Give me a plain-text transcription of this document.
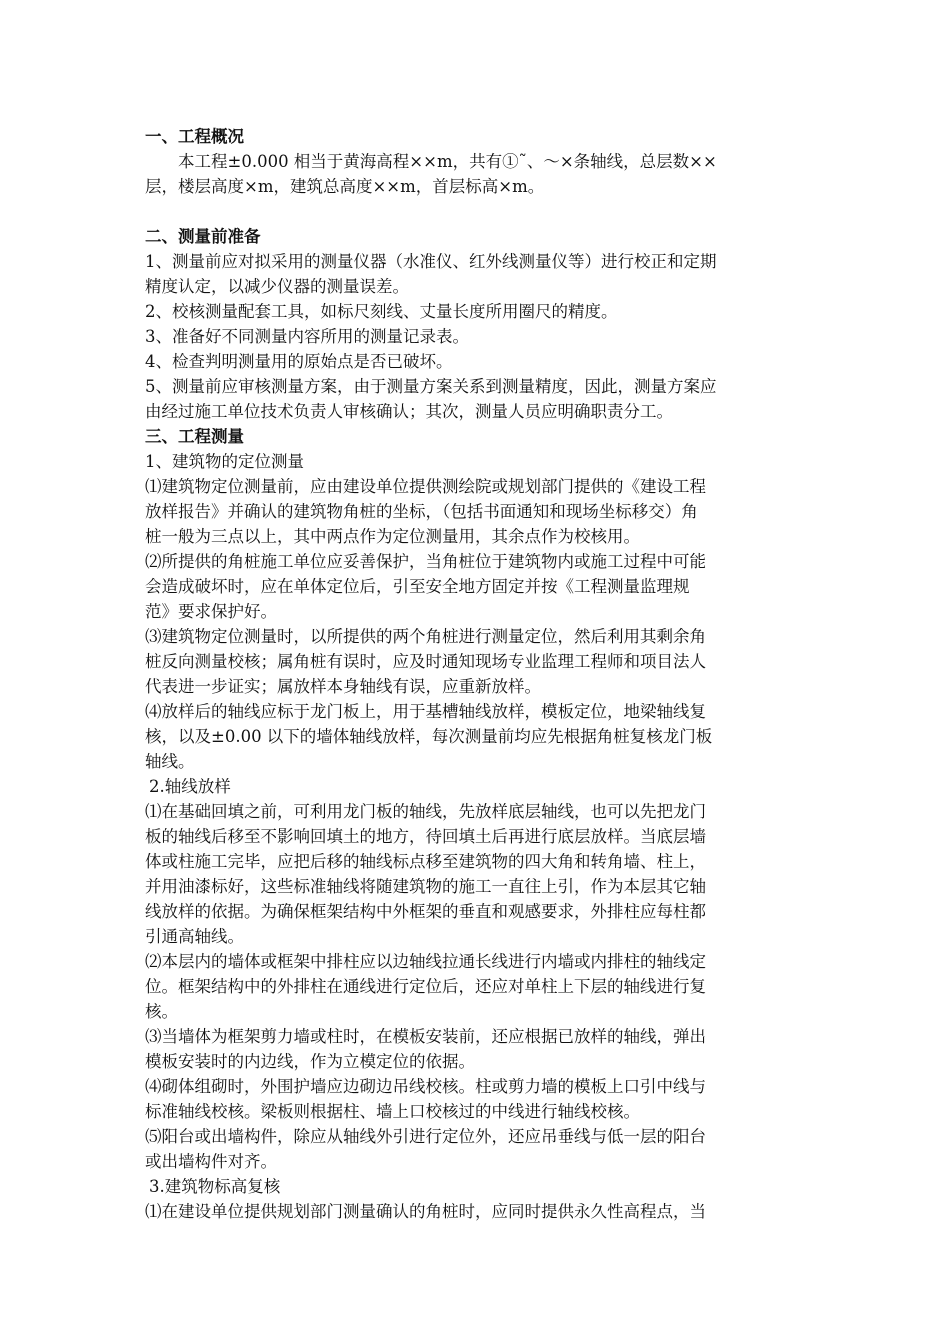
一、工程概况
本工程±0.000 相当于黄海高程××m，共有①˜、～×条轴线，总层数××
层，楼层高度×m，建筑总高度××m，首层标高×m。
二、测量前准备
1、测量前应对拟采用的测量仪器（水准仪、红外线测量仪等）进行校正和定期
精度认定，以减少仪器的测量误差。
2、校核测量配套工具，如标尺刻线、丈量长度所用圈尺的精度。
3、准备好不同测量内容所用的测量记录表。
4、检查判明测量用的原始点是否已破坏。
5、测量前应审核测量方案，由于测量方案关系到测量精度，因此，测量方案应
由经过施工单位技术负责人审核确认；其次，测量人员应明确职责分工。
三、工程测量
1、建筑物的定位测量
⑴建筑物定位测量前，应由建设单位提供测绘院或规划部门提供的《建设工程
放样报告》并确认的建筑物角桩的坐标，（包括书面通知和现场坐标移交）角
桩一般为三点以上，其中两点作为定位测量用，其余点作为校核用。
⑵所提供的角桩施工单位应妥善保护，当角桩位于建筑物内或施工过程中可能
会造成破坏时，应在单体定位后，引至安全地方固定并按《工程测量监理规
范》要求保护好。
⑶建筑物定位测量时，以所提供的两个角桩进行测量定位，然后利用其剩余角
桩反向测量校核；属角桩有误时，应及时通知现场专业监理工程师和项目法人
代表进一步证实；属放样本身轴线有误，应重新放样。
⑷放样后的轴线应标于龙门板上，用于基槽轴线放样，模板定位，地梁轴线复
核，以及±0.00 以下的墙体轴线放样，每次测量前均应先根据角桩复核龙门板
轴线。
2.轴线放样
⑴在基础回填之前，可利用龙门板的轴线，先放样底层轴线，也可以先把龙门
板的轴线后移至不影响回填土的地方，待回填土后再进行底层放样。当底层墙
体或柱施工完毕，应把后移的轴线标点移至建筑物的四大角和转角墙、柱上，
并用油漆标好，这些标准轴线将随建筑物的施工一直往上引，作为本层其它轴
线放样的依据。为确保框架结构中外框架的垂直和观感要求，外排柱应每柱都
引通高轴线。
⑵本层内的墙体或框架中排柱应以边轴线拉通长线进行内墙或内排柱的轴线定
位。框架结构中的外排柱在通线进行定位后，还应对单柱上下层的轴线进行复
核。
⑶当墙体为框架剪力墙或柱时，在模板安装前，还应根据已放样的轴线，弹出
模板安装时的内边线，作为立模定位的依据。
⑷砌体组砌时，外围护墙应边砌边吊线校核。柱或剪力墙的模板上口引中线与
标准轴线校核。梁板则根据柱、墙上口校核过的中线进行轴线校核。
⑸阳台或出墙构件，除应从轴线外引进行定位外，还应吊垂线与低一层的阳台
或出墙构件对齐。
3.建筑物标高复核
⑴在建设单位提供规划部门测量确认的角桩时，应同时提供永久性高程点，当
